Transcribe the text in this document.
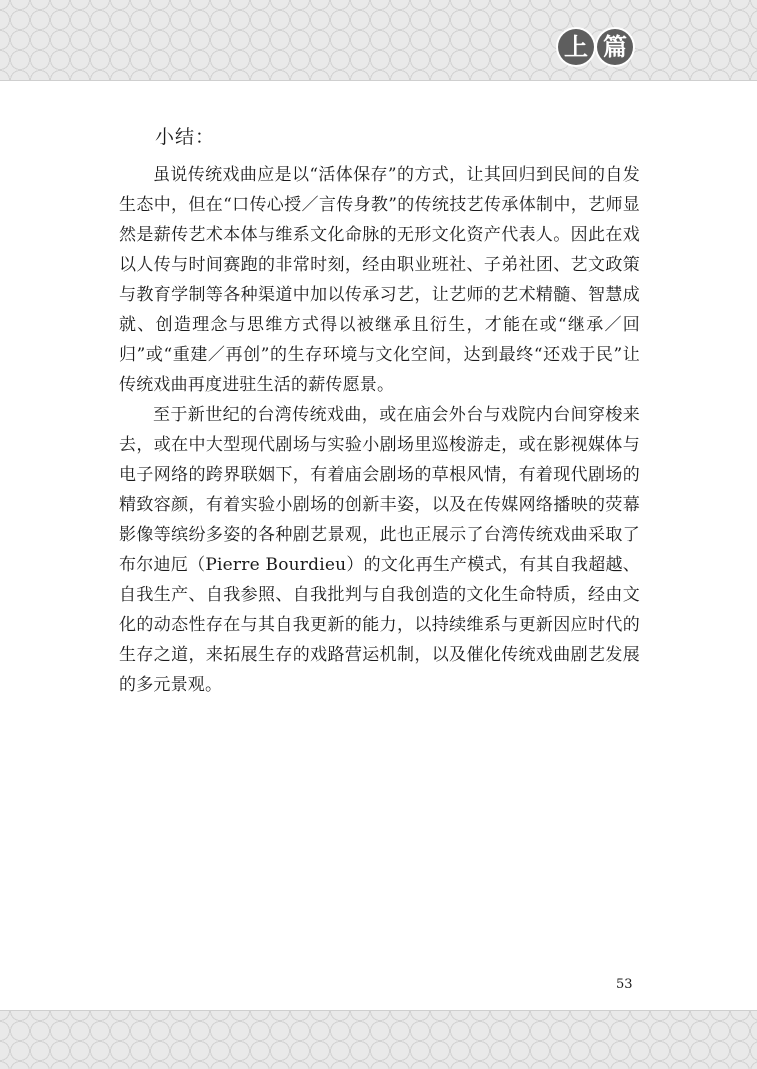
上 篇
小结：

虽说传统戏曲应是以“活体保存”的方式，让其回归到民间的自发生态中，但在“口传心授／言传身教”的传统技艺传承体制中，艺师显然是薪传艺术本体与维系文化命脉的无形文化资产代表人。因此在戏以人传与时间赛跑的非常时刻，经由职业班社、子弟社团、艺文政策与教育学制等各种渠道中加以传承习艺，让艺师的艺术精髓、智慧成就、创造理念与思维方式得以被继承且衍生，才能在或“继承／回归”或“重建／再创”的生存环境与文化空间，达到最终“还戏于民”让传统戏曲再度进驻生活的薪传愿景。

至于新世纪的台湾传统戏曲，或在庙会外台与戏院内台间穿梭来去，或在中大型现代剧场与实验小剧场里巡梭游走，或在影视媒体与电子网络的跨界联姻下，有着庙会剧场的草根风情，有着现代剧场的精致容颜，有着实验小剧场的创新丰姿，以及在传媒网络播映的荧幕影像等缤纷多姿的各种剧艺景观，此也正展示了台湾传统戏曲采取了布尔迪厄（Pierre Bourdieu）的文化再生产模式，有其自我超越、自我生产、自我参照、自我批判与自我创造的文化生命特质，经由文化的动态性存在与其自我更新的能力，以持续维系与更新因应时代的生存之道，来拓展生存的戏路营运机制，以及催化传统戏曲剧艺发展的多元景观。

53
